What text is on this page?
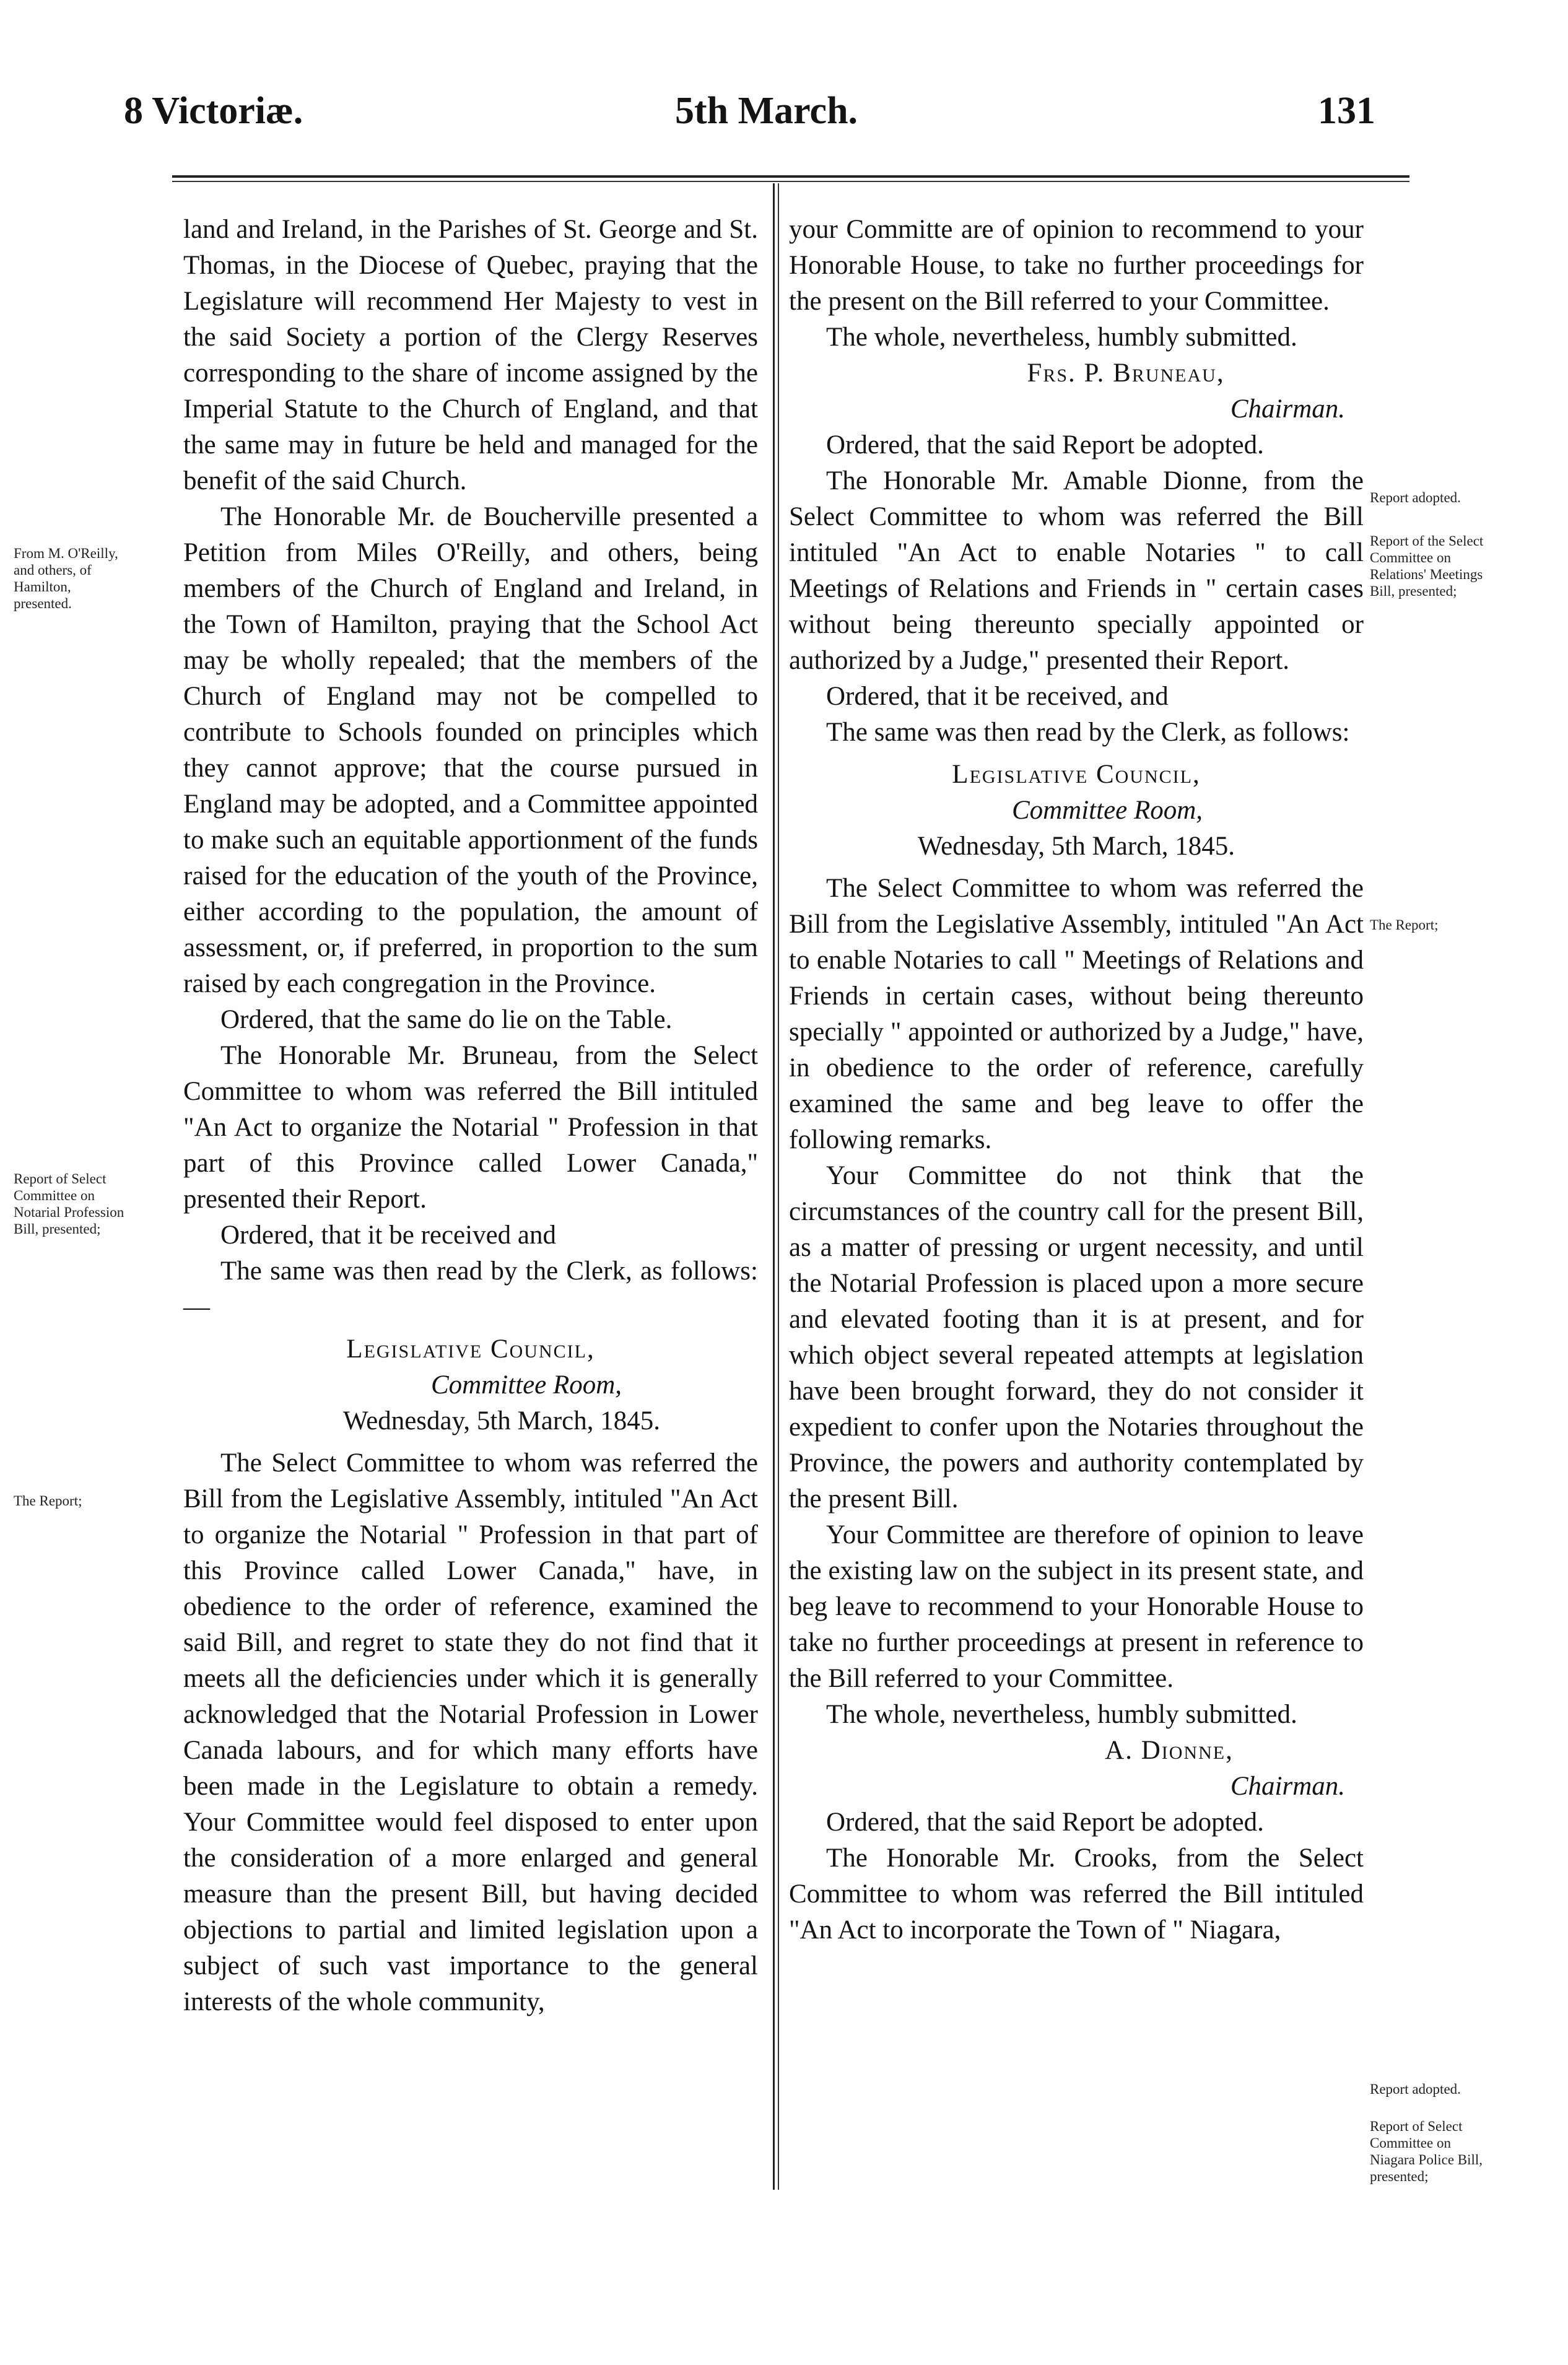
8 Victoriæ.	5th March.	131

land and Ireland, in the Parishes of St. George and St. Thomas, in the Diocese of Quebec, praying that the Legislature will recommend Her Majesty to vest in the said Society a portion of the Clergy Reserves corresponding to the share of income assigned by the Imperial Statute to the Church of England, and that the same may in future be held and managed for the benefit of the said Church.

The Honorable Mr. de Boucherville presented a Petition from Miles O'Reilly, and others, being members of the Church of England and Ireland, in the Town of Hamilton, praying that the School Act may be wholly repealed; that the members of the Church of England may not be compelled to contribute to Schools founded on principles which they cannot approve; that the course pursued in England may be adopted, and a Committee appointed to make such an equitable apportionment of the funds raised for the education of the youth of the Province, either according to the population, the amount of assessment, or, if preferred, in proportion to the sum raised by each congregation in the Province.

Ordered, that the same do lie on the Table.

The Honorable Mr. Bruneau, from the Select Committee to whom was referred the Bill intituled "An Act to organize the Notarial " Profession in that part of this Province called Lower Canada," presented their Report.

Ordered, that it be received and

The same was then read by the Clerk, as follows:—

Legislative Council,
Committee Room,
Wednesday, 5th March, 1845.

The Select Committee to whom was referred the Bill from the Legislative Assembly, intituled "An Act to organize the Notarial " Profession in that part of this Province called Lower Canada," have, in obedience to the order of reference, examined the said Bill, and regret to state they do not find that it meets all the deficiencies under which it is generally acknowledged that the Notarial Profession in Lower Canada labours, and for which many efforts have been made in the Legislature to obtain a remedy. Your Committee would feel disposed to enter upon the consideration of a more enlarged and general measure than the present Bill, but having decided objections to partial and limited legislation upon a subject of such vast importance to the general interests of the whole community,

your Committe are of opinion to recommend to your Honorable House, to take no further proceedings for the present on the Bill referred to your Committee.

The whole, nevertheless, humbly submitted.

Frs. P. Bruneau,
Chairman.

Ordered, that the said Report be adopted.

The Honorable Mr. Amable Dionne, from the Select Committee to whom was referred the Bill intituled "An Act to enable Notaries " to call Meetings of Relations and Friends in " certain cases without being thereunto specially appointed or authorized by a Judge," presented their Report.

Ordered, that it be received, and

The same was then read by the Clerk, as follows:

Legislative Council,
Committee Room,
Wednesday, 5th March, 1845.

The Select Committee to whom was referred the Bill from the Legislative Assembly, intituled "An Act to enable Notaries to call " Meetings of Relations and Friends in certain cases, without being thereunto specially " appointed or authorized by a Judge," have, in obedience to the order of reference, carefully examined the same and beg leave to offer the following remarks.

Your Committee do not think that the circumstances of the country call for the present Bill, as a matter of pressing or urgent necessity, and until the Notarial Profession is placed upon a more secure and elevated footing than it is at present, and for which object several repeated attempts at legislation have been brought forward, they do not consider it expedient to confer upon the Notaries throughout the Province, the powers and authority contemplated by the present Bill.

Your Committee are therefore of opinion to leave the existing law on the subject in its present state, and beg leave to recommend to your Honorable House to take no further proceedings at present in reference to the Bill referred to your Committee.

The whole, nevertheless, humbly submitted.

A. Dionne,
Chairman.

Ordered, that the said Report be adopted.

The Honorable Mr. Crooks, from the Select Committee to whom was referred the Bill intituled "An Act to incorporate the Town of " Niagara,

From M. O'Reilly, and others, of Hamilton, presented.
Report of Select Committee on Notarial Profession Bill, presented;
The Report;
Report adopted.
Report of the Select Committee on Relations' Meetings Bill, presented;
The Report;
Report adopted.
Report of Select Committee on Niagara Police Bill, presented;
